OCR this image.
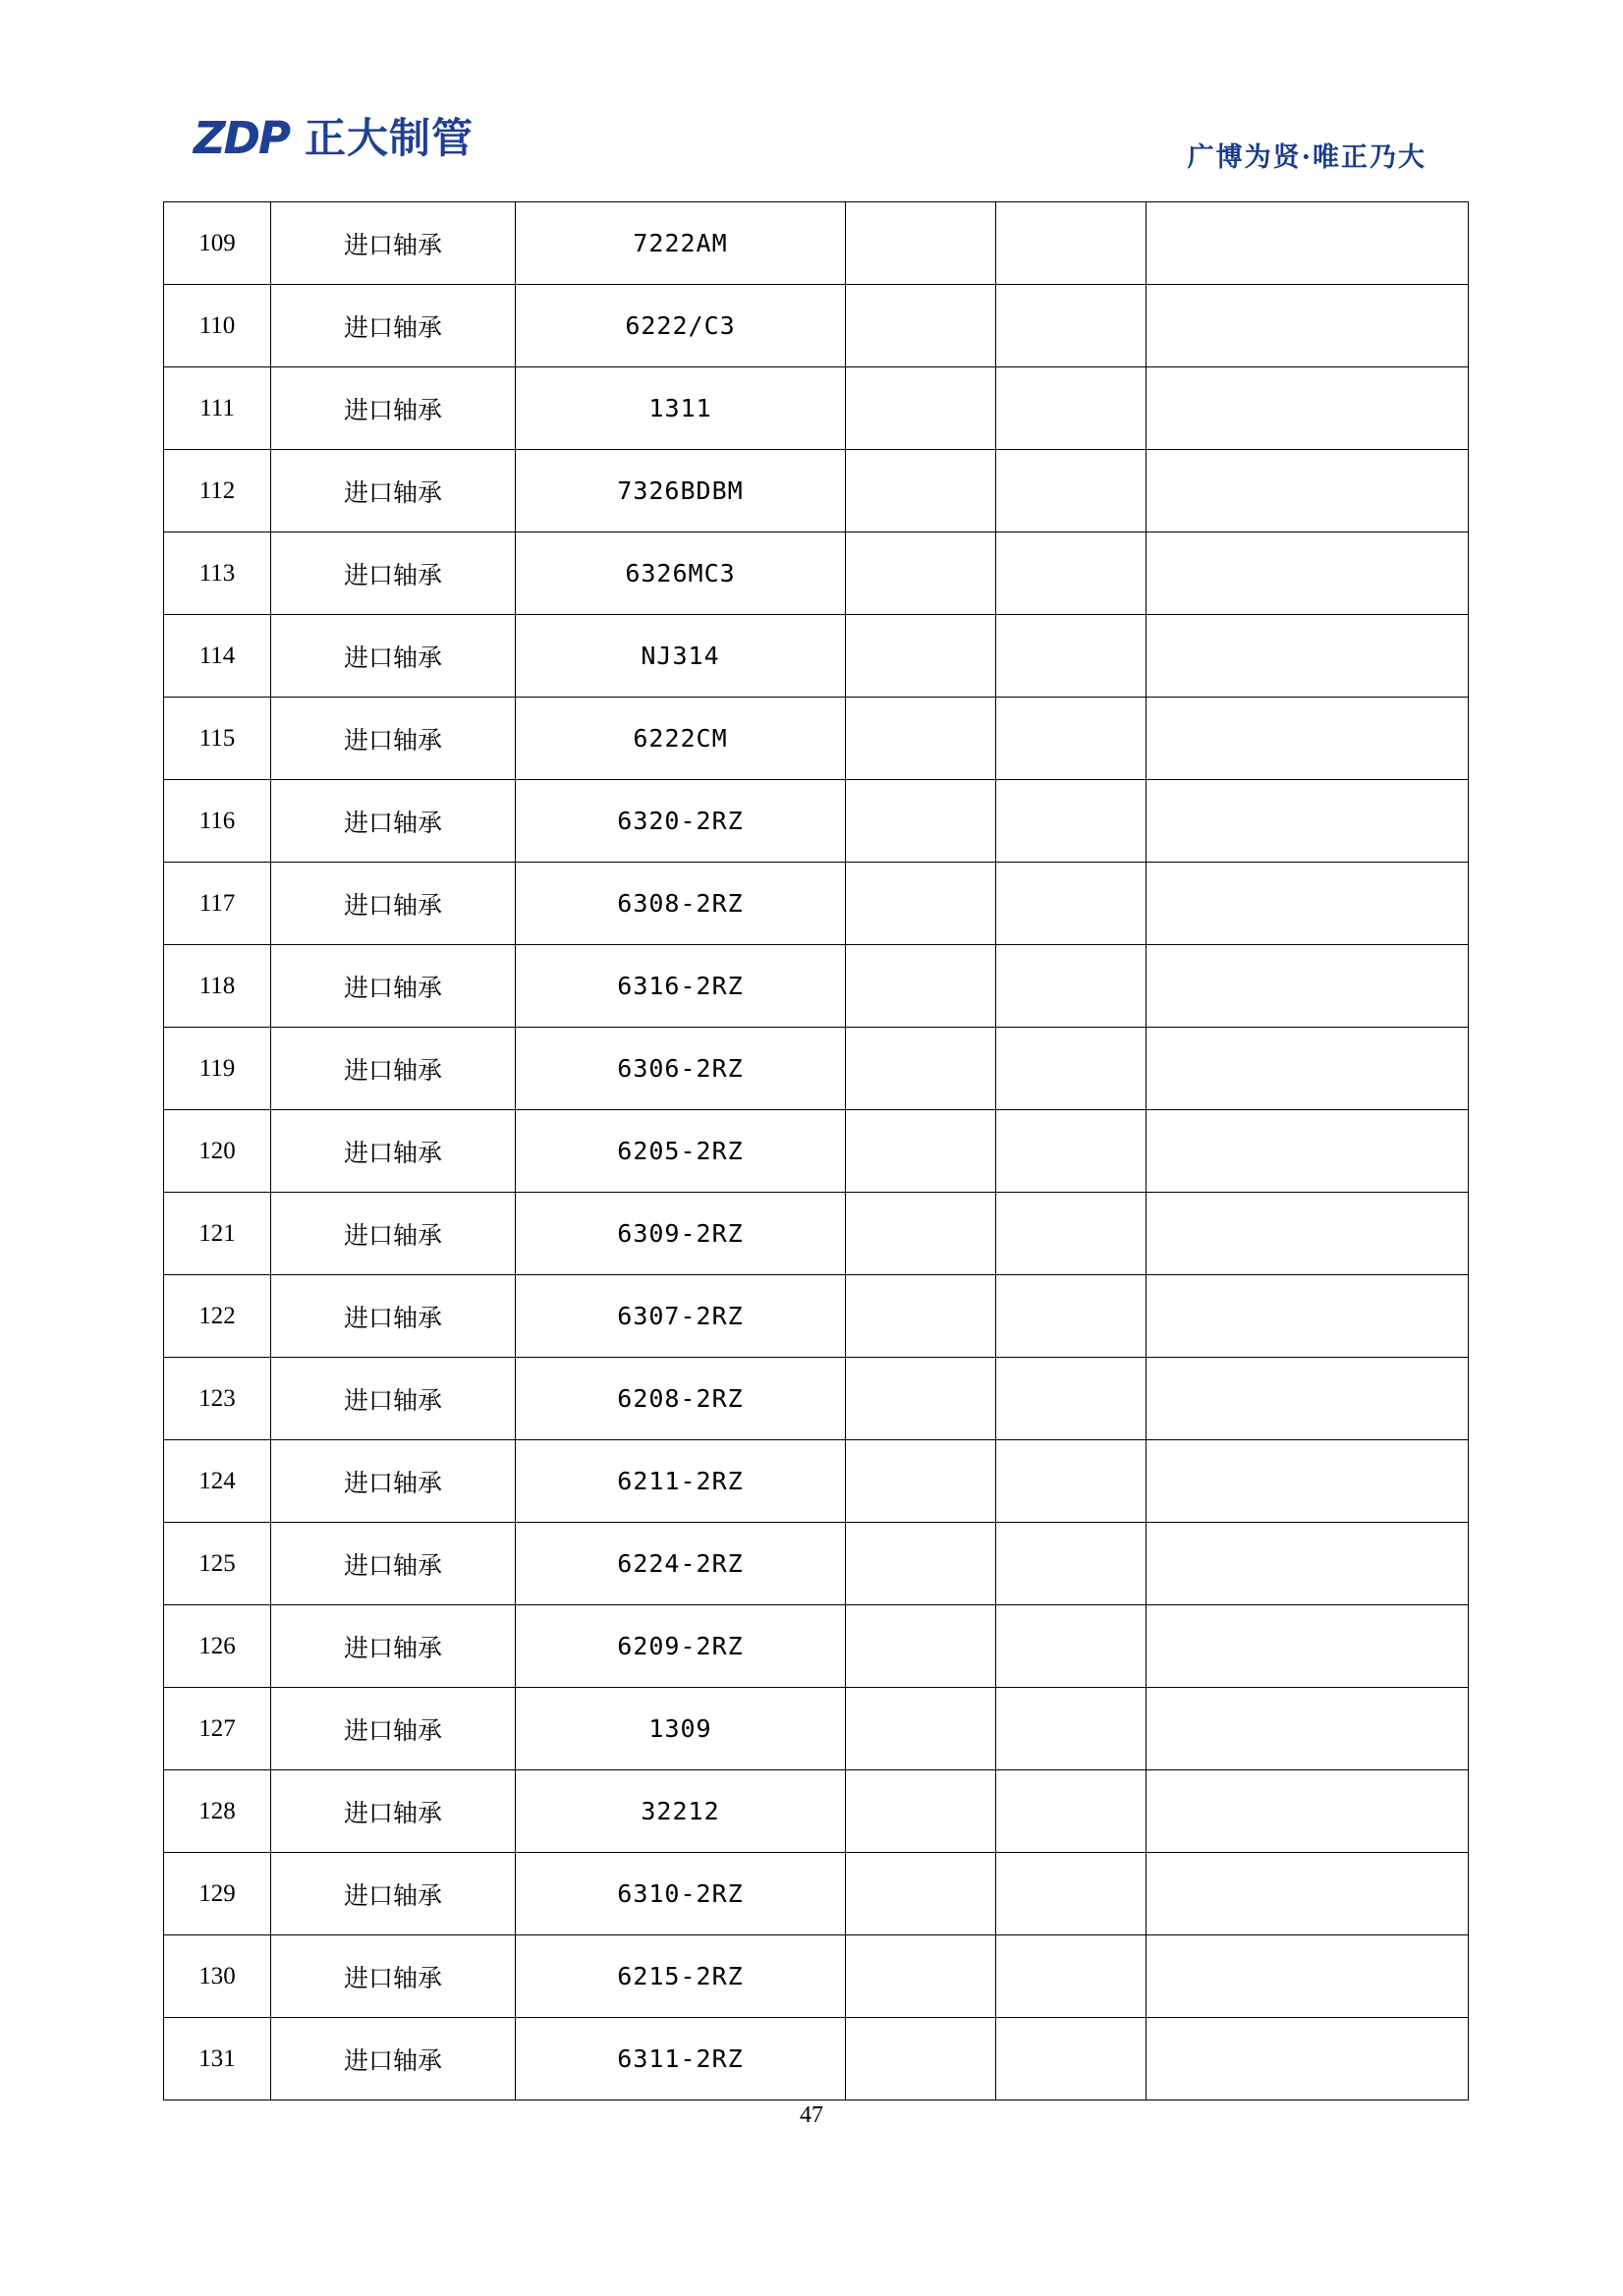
ZDP 正大制管	广博为贤·唯正乃大
109	进口轴承	7222AM			
110	进口轴承	6222/C3			
111	进口轴承	1311			
112	进口轴承	7326BDBM			
113	进口轴承	6326MC3			
114	进口轴承	NJ314			
115	进口轴承	6222CM			
116	进口轴承	6320-2RZ			
117	进口轴承	6308-2RZ			
118	进口轴承	6316-2RZ			
119	进口轴承	6306-2RZ			
120	进口轴承	6205-2RZ			
121	进口轴承	6309-2RZ			
122	进口轴承	6307-2RZ			
123	进口轴承	6208-2RZ			
124	进口轴承	6211-2RZ			
125	进口轴承	6224-2RZ			
126	进口轴承	6209-2RZ			
127	进口轴承	1309			
128	进口轴承	32212			
129	进口轴承	6310-2RZ			
130	进口轴承	6215-2RZ			
131	进口轴承	6311-2RZ			
47
